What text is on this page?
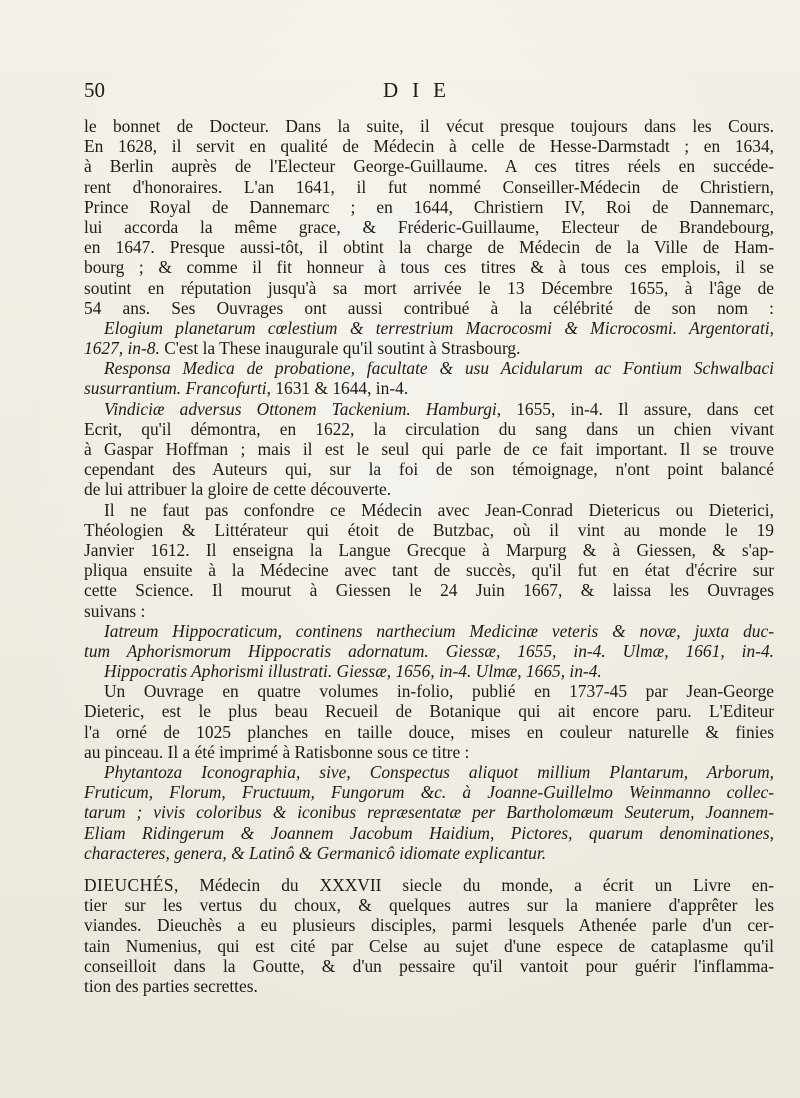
50	DIE
le bonnet de Docteur. Dans la suite, il vécut presque toujours dans les Cours.
En 1628, il servit en qualité de Médecin à celle de Hesse-Darmstadt ; en 1634,
à Berlin auprès de l'Electeur George-Guillaume. A ces titres réels en succéde-
rent d'honoraires. L'an 1641, il fut nommé Conseiller-Médecin de Christiern,
Prince Royal de Dannemarc ; en 1644, Christiern IV, Roi de Dannemarc,
lui accorda la même grace, & Fréderic-Guillaume, Electeur de Brandebourg,
en 1647. Presque aussi-tôt, il obtint la charge de Médecin de la Ville de Ham-
bourg ; & comme il fit honneur à tous ces titres & à tous ces emplois, il se
soutint en réputation jusqu'à sa mort arrivée le 13 Décembre 1655, à l'âge de
54 ans. Ses Ouvrages ont aussi contribué à la célébrité de son nom :
Elogium planetarum cœlestium & terrestrium Macrocosmi & Microcosmi. Argentorati,
1627, in-8. C'est la These inaugurale qu'il soutint à Strasbourg.
Responsa Medica de probatione, facultate & usu Acidularum ac Fontium Schwalbaci
susurrantium. Francofurti, 1631 & 1644, in-4.
Vindiciæ adversus Ottonem Tackenium. Hamburgi, 1655, in-4. Il assure, dans cet
Ecrit, qu'il démontra, en 1622, la circulation du sang dans un chien vivant
à Gaspar Hoffman ; mais il est le seul qui parle de ce fait important. Il se trouve
cependant des Auteurs qui, sur la foi de son témoignage, n'ont point balancé
de lui attribuer la gloire de cette découverte.
Il ne faut pas confondre ce Médecin avec Jean-Conrad Dietericus ou Dieterici,
Théologien & Littérateur qui étoit de Butzbac, où il vint au monde le 19
Janvier 1612. Il enseigna la Langue Grecque à Marpurg & à Giessen, & s'ap-
pliqua ensuite à la Médecine avec tant de succès, qu'il fut en état d'écrire sur
cette Science. Il mourut à Giessen le 24 Juin 1667, & laissa les Ouvrages
suivans :
Iatreum Hippocraticum, continens narthecium Medicinæ veteris & novæ, juxta duc-
tum Aphorismorum Hippocratis adornatum. Giessæ, 1655, in-4. Ulmæ, 1661, in-4.
Hippocratis Aphorismi illustrati. Giessæ, 1656, in-4. Ulmæ, 1665, in-4.
Un Ouvrage en quatre volumes in-folio, publié en 1737-45 par Jean-George
Dieteric, est le plus beau Recueil de Botanique qui ait encore paru. L'Editeur
l'a orné de 1025 planches en taille douce, mises en couleur naturelle & finies
au pinceau. Il a été imprimé à Ratisbonne sous ce titre :
Phytantoza Iconographia, sive, Conspectus aliquot millium Plantarum, Arborum,
Fruticum, Florum, Fructuum, Fungorum &c. à Joanne-Guillelmo Weinmanno collec-
tarum ; vivis coloribus & iconibus repræsentatæ per Bartholomæum Seuterum, Joannem-
Eliam Ridingerum & Joannem Jacobum Haidium, Pictores, quarum denominationes,
characteres, genera, & Latinô & Germanicô idiomate explicantur.
DIEUCHÉS, Médecin du XXXVII siecle du monde, a écrit un Livre en-
tier sur les vertus du choux, & quelques autres sur la maniere d'apprêter les
viandes. Dieuchès a eu plusieurs disciples, parmi lesquels Athenée parle d'un cer-
tain Numenius, qui est cité par Celse au sujet d'une espece de cataplasme qu'il
conseilloit dans la Goutte, & d'un pessaire qu'il vantoit pour guérir l'inflamma-
tion des parties secrettes.
